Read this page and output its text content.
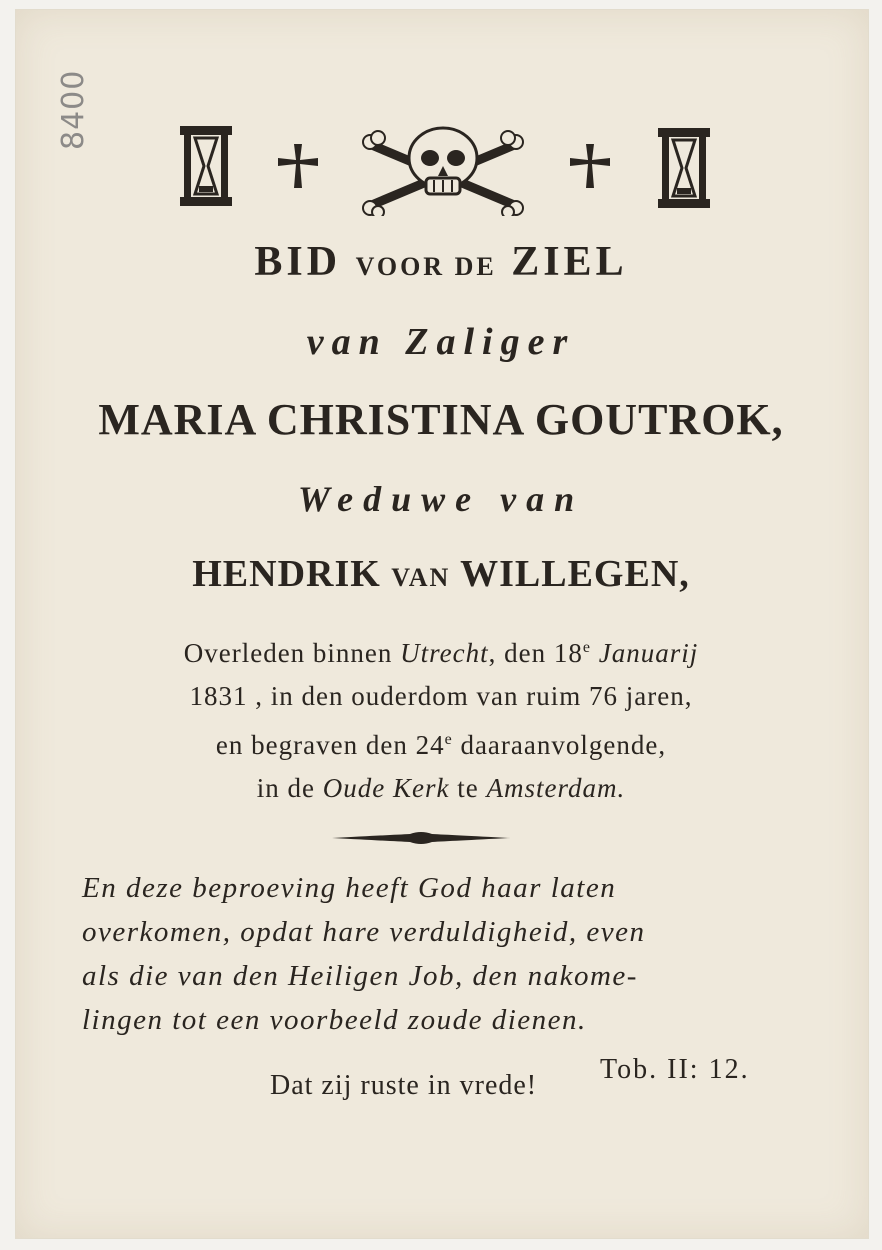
8400
BID VOOR DE ZIEL
van Zaliger
MARIA CHRISTINA GOUTROK,
Weduwe van
HENDRIK VAN WILLEGEN,
Overleden binnen Utrecht, den 18e Januarij
1831 , in den ouderdom van ruim 76 jaren,
en begraven den 24e daaraanvolgende,
in de Oude Kerk te Amsterdam.
En deze beproeving heeft God haar laten
overkomen, opdat hare verduldigheid, even
als die van den Heiligen Job, den nakome-
lingen tot een voorbeeld zoude dienen.
Tob. II: 12.
Dat zij ruste in vrede!
